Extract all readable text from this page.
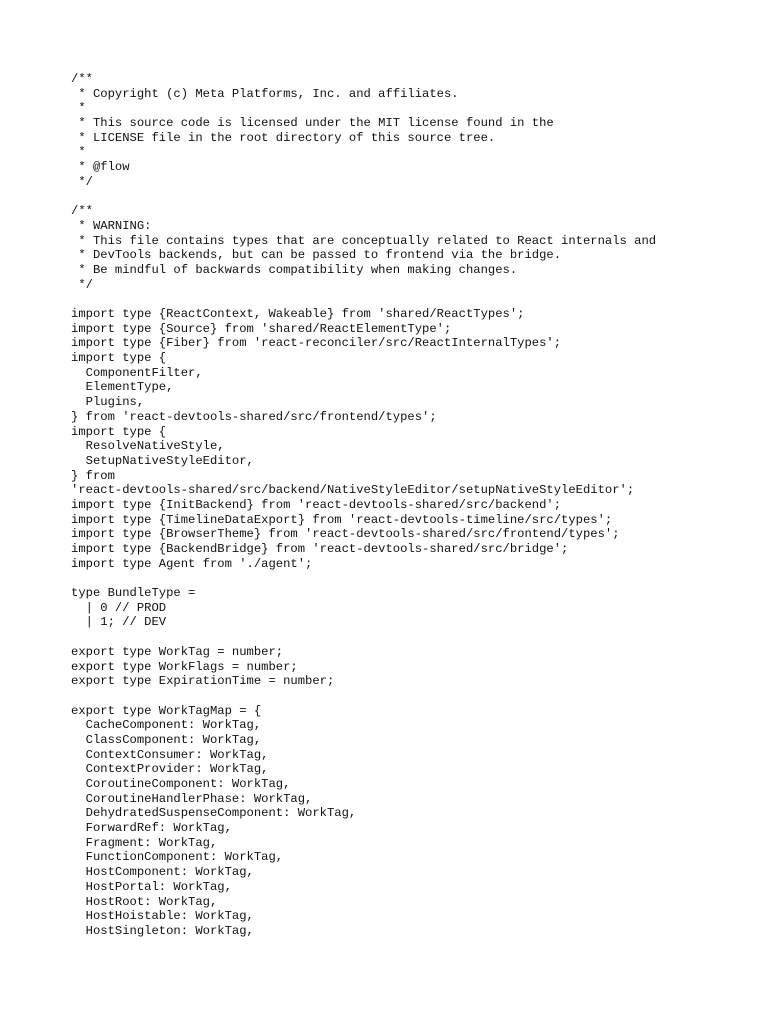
/**
* Copyright (c) Meta Platforms, Inc. and affiliates.
*
* This source code is licensed under the MIT license found in the
* LICENSE file in the root directory of this source tree.
*
* @flow
*/
/**
* WARNING:
* This file contains types that are conceptually related to React internals and
* DevTools backends, but can be passed to frontend via the bridge.
* Be mindful of backwards compatibility when making changes.
*/
import type {ReactContext, Wakeable} from 'shared/ReactTypes';
import type {Source} from 'shared/ReactElementType';
import type {Fiber} from 'react-reconciler/src/ReactInternalTypes';
import type {
ComponentFilter,
ElementType,
Plugins,
} from 'react-devtools-shared/src/frontend/types';
import type {
ResolveNativeStyle,
SetupNativeStyleEditor,
} from
'react-devtools-shared/src/backend/NativeStyleEditor/setupNativeStyleEditor';
import type {InitBackend} from 'react-devtools-shared/src/backend';
import type {TimelineDataExport} from 'react-devtools-timeline/src/types';
import type {BrowserTheme} from 'react-devtools-shared/src/frontend/types';
import type {BackendBridge} from 'react-devtools-shared/src/bridge';
import type Agent from './agent';
type BundleType =
| 0 // PROD
| 1; // DEV
export type WorkTag = number;
export type WorkFlags = number;
export type ExpirationTime = number;
export type WorkTagMap = {
CacheComponent: WorkTag,
ClassComponent: WorkTag,
ContextConsumer: WorkTag,
ContextProvider: WorkTag,
CoroutineComponent: WorkTag,
CoroutineHandlerPhase: WorkTag,
DehydratedSuspenseComponent: WorkTag,
ForwardRef: WorkTag,
Fragment: WorkTag,
FunctionComponent: WorkTag,
HostComponent: WorkTag,
HostPortal: WorkTag,
HostRoot: WorkTag,
HostHoistable: WorkTag,
HostSingleton: WorkTag,
